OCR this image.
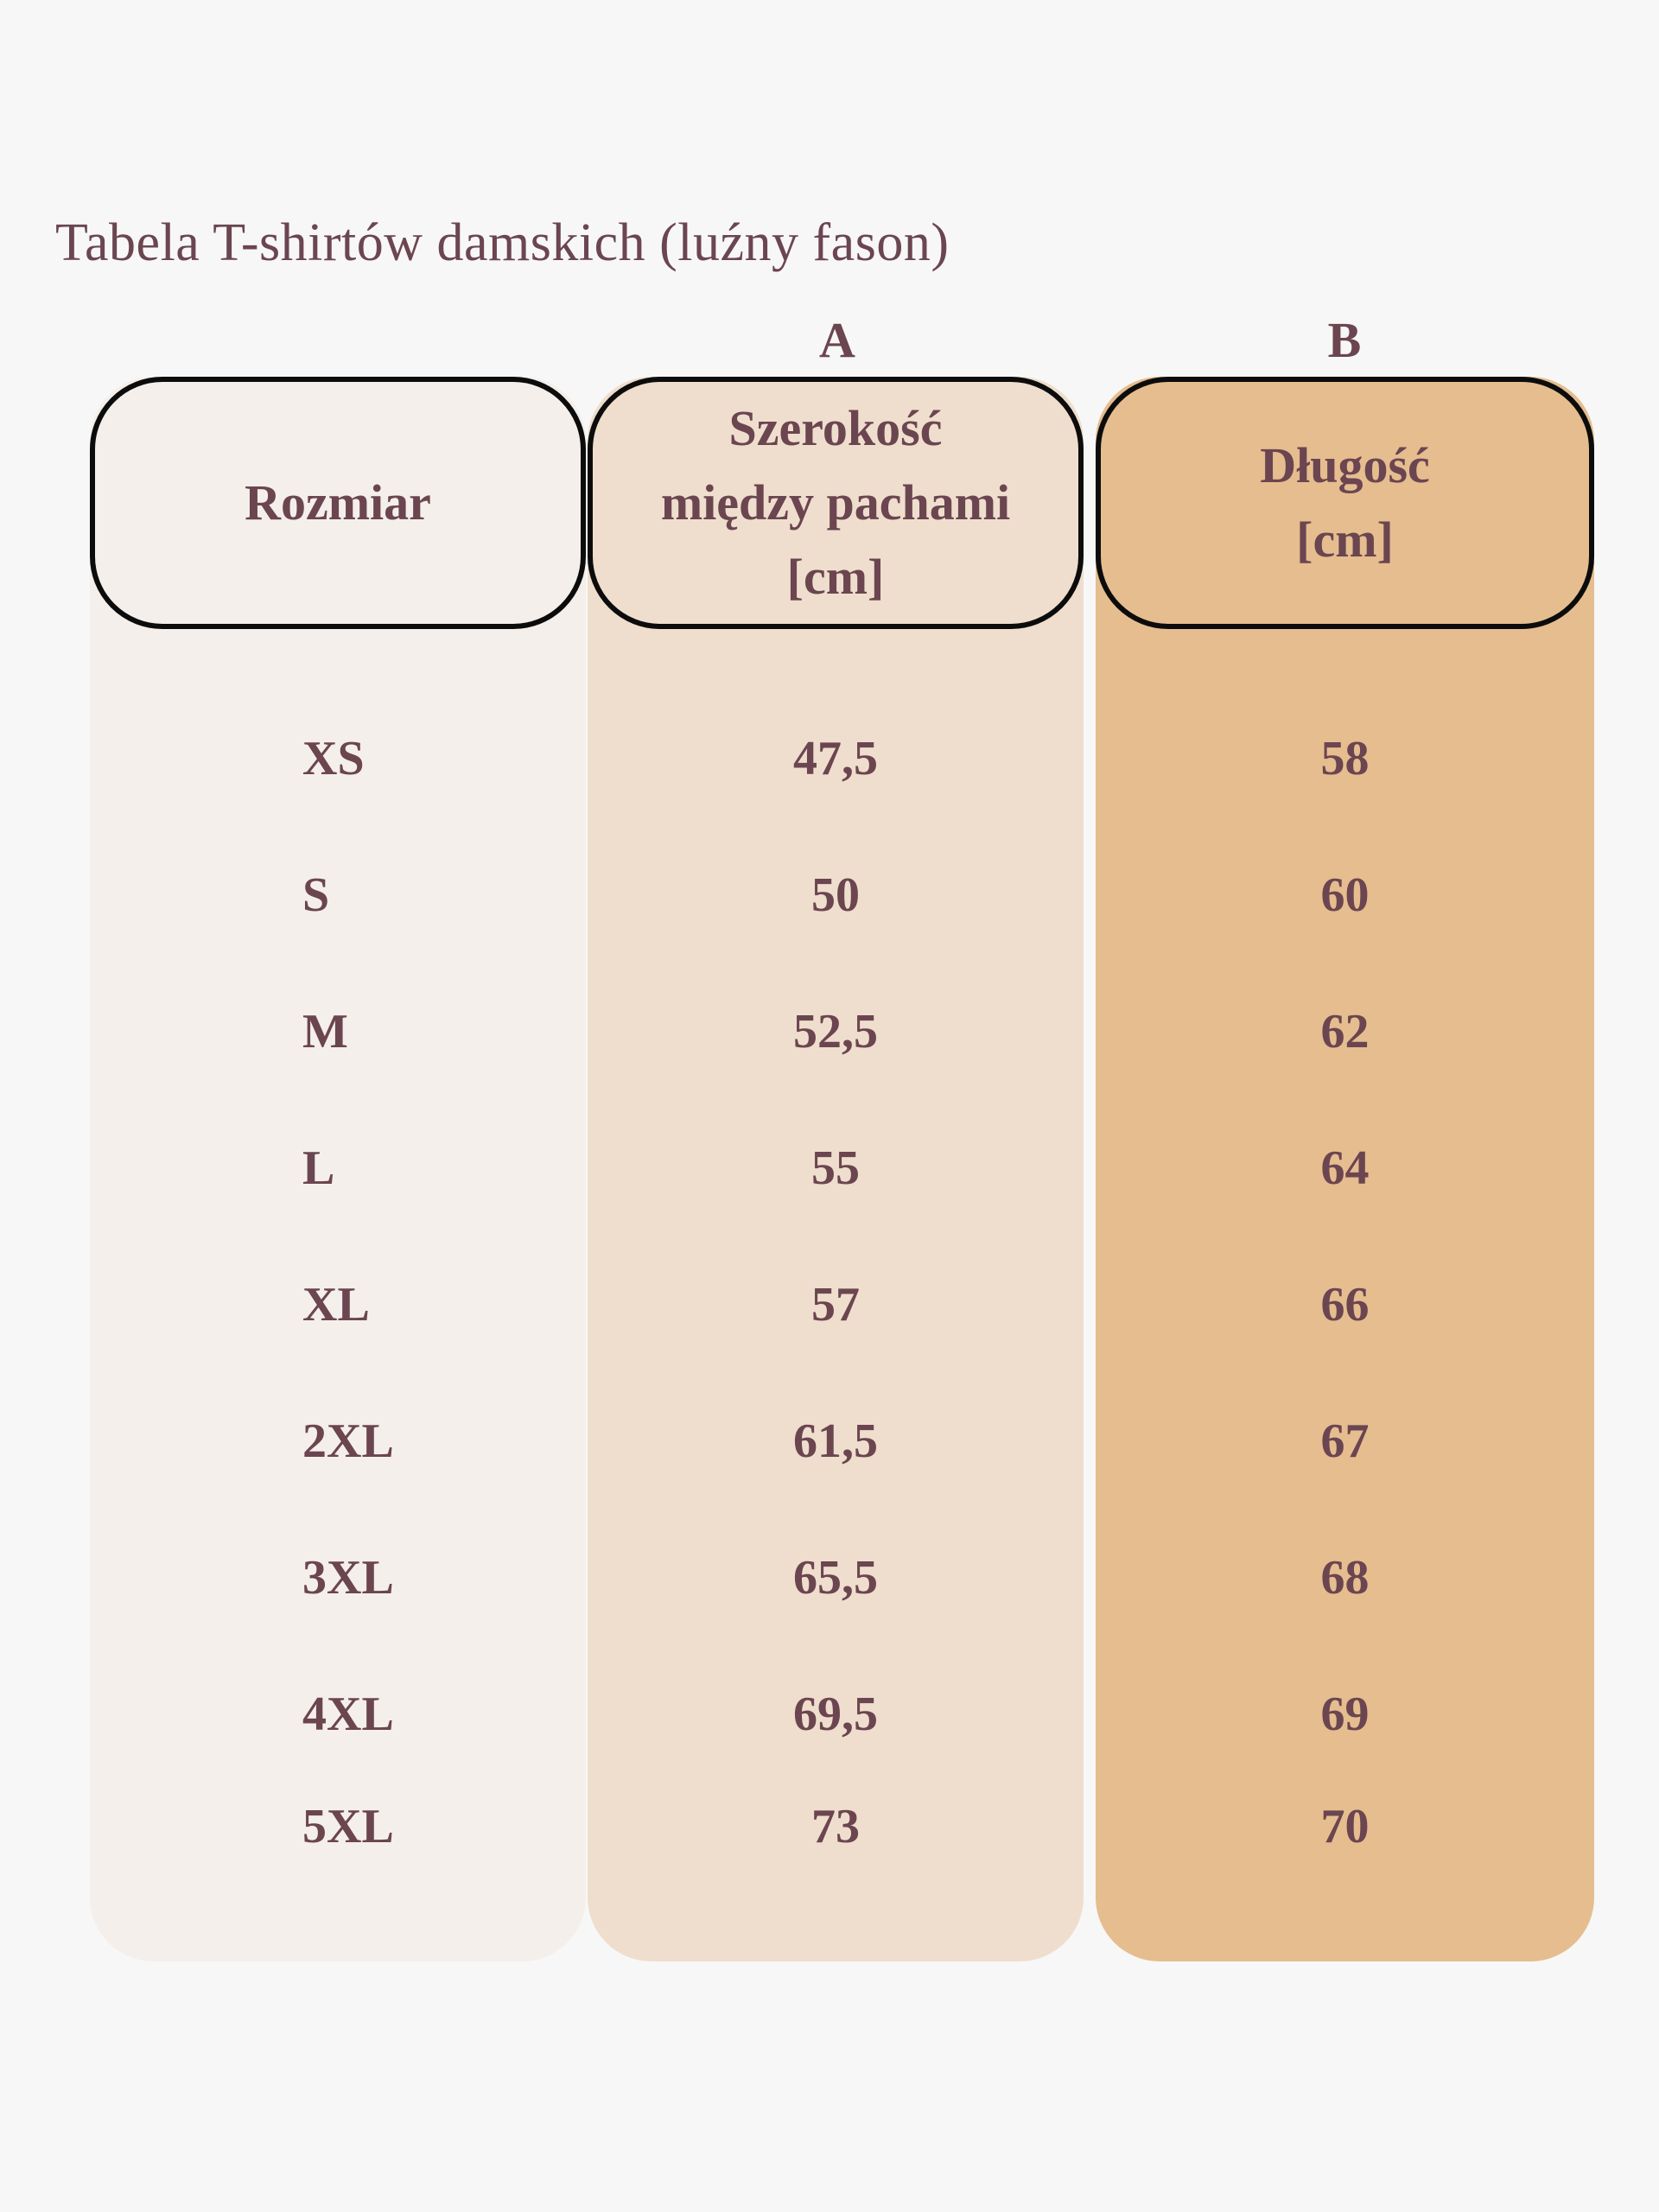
Tabela T-shirtów damskich (luźny fason)
A	B
Rozmiar
XS
S
M
L
XL
2XL
3XL
4XL
5XL
Szerokość
między pachami
[cm]
47,5
50
52,5
55
57
61,5
65,5
69,5
73
Długość
[cm]
58
60
62
64
66
67
68
69
70
